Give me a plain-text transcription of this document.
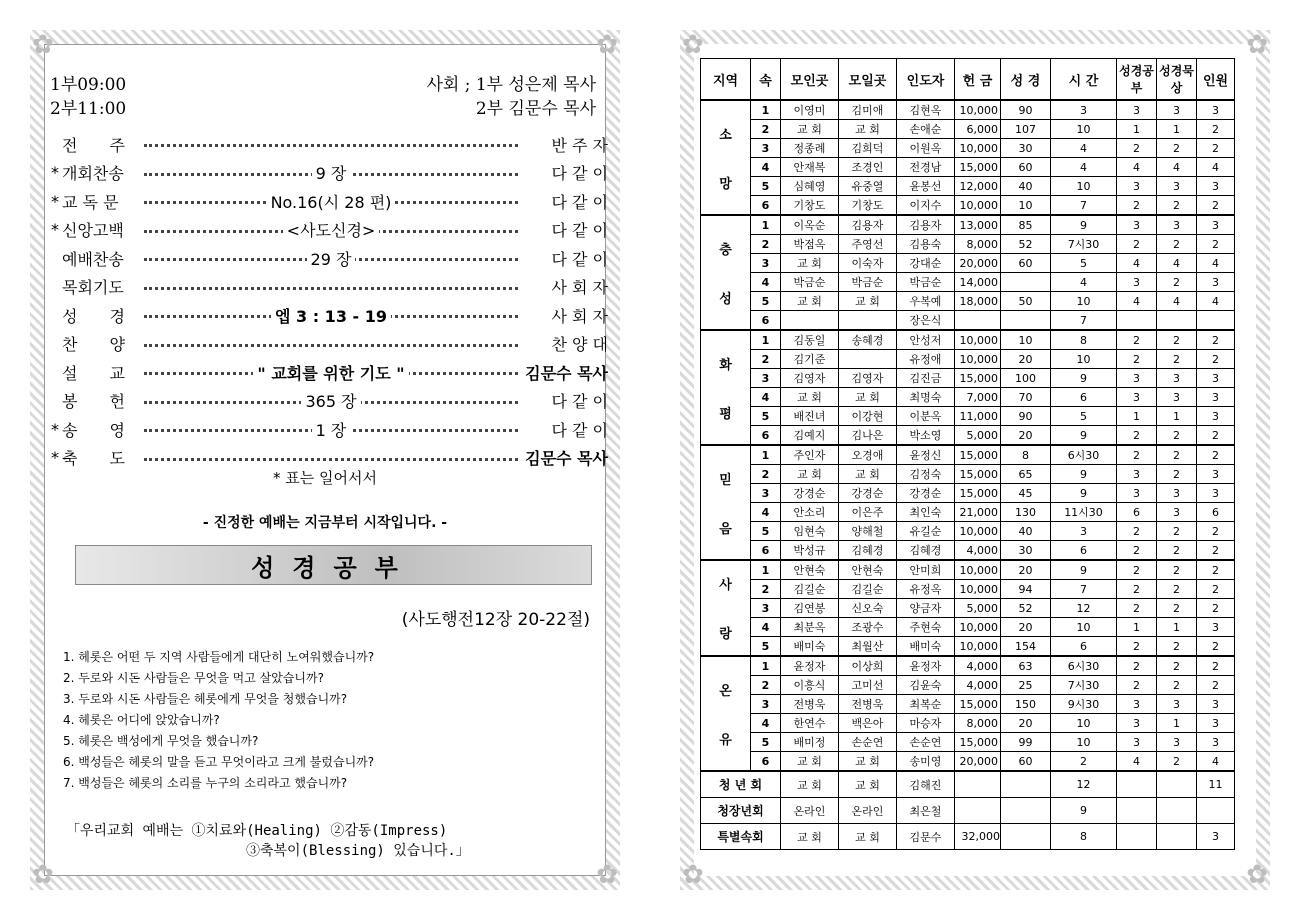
✿	✿
✿	✿
1부09:00
2부11:00
사회 ; 1부 성은제 목사
2부 김문수 목사
전　　주	반 주 자
* 개회찬송	9 장	다 같 이
* 교 독 문	No.16(시 28 편)	다 같 이
* 신앙고백	<사도신경>	다 같 이
예배찬송	29 장	다 같 이
목회기도	사 회 자
성　　경	엡 3 : 13 - 19	사 회 자
찬　　양	찬 양 대
설　　교	" 교회를 위한 기도 "	김문수 목사
봉　　헌	365 장	다 같 이
* 송　　영	1 장	다 같 이
* 축　　도	김문수 목사
* 표는 일어서서
- 진정한 예배는 지금부터 시작입니다. -
성경공부
(사도행전12장 20-22절)
1. 헤롯은 어떤 두 지역 사람들에게 대단히 노여워했습니까?
2. 두로와 시돈 사람들은 무엇을 먹고 살았습니까?
3. 두로와 시돈 사람들은 헤롯에게 무엇을 청했습니까?
4. 헤롯은 어디에 앉았습니까?
5. 헤롯은 백성에게 무엇을 했습니까?
6. 백성들은 헤롯의 말을 듣고 무엇이라고 크게 불렀습니까?
7. 백성들은 헤롯의 소리를 누구의 소리라고 했습니까?
「우리교회 예배는 ①치료와(Healing) ②감동(Impress)
③축복이(Blessing) 있습니다.」
✿	✿
✿	✿
지역	속	모인곳	모일곳	인도자	헌 금	성 경	시 간	성경공부	성경묵상	인원
소

망	1	이영미	김미애	김현옥	10,000	90	3	3	3	3
	2	교 회	교 회	손애순	6,000	107	10	1	1	2
	3	정종례	김희덕	이원옥	10,000	30	4	2	2	2
	4	안재복	조경인	전경남	15,000	60	4	4	4	4
	5	심혜영	유중열	윤봉선	12,000	40	10	3	3	3
	6	기창도	기창도	이지수	10,000	10	7	2	2	2
충

성	1	이옥순	김용자	김용자	13,000	85	9	3	3	3
	2	박점옥	주영선	김용숙	8,000	52	7시30	2	2	2
	3	교 회	이숙자	강대순	20,000	60	5	4	4	4
	4	박금순	박금순	박금순	14,000		4	3	2	3
	5	교 회	교 회	우복예	18,000	50	10	4	4	4
	6			장은식			7			
화

평	1	김동일	송혜경	안성저	10,000	10	8	2	2	2
	2	김기준		유정애	10,000	20	10	2	2	2
	3	김영자	김영자	김진금	15,000	100	9	3	3	3
	4	교 회	교 회	최명숙	7,000	70	6	3	3	3
	5	배진녀	이강현	이분옥	11,000	90	5	1	1	3
	6	김예지	김나은	박소영	5,000	20	9	2	2	2
믿

음	1	주인자	오경애	윤정신	15,000	8	6시30	2	2	2
	2	교 회	교 회	김정숙	15,000	65	9	3	2	3
	3	강경순	강경순	강경순	15,000	45	9	3	3	3
	4	안소리	이은주	최인숙	21,000	130	11시30	6	3	6
	5	임현숙	양해철	유길순	10,000	40	3	2	2	2
	6	박성규	김혜경	김혜경	4,000	30	6	2	2	2
사

랑	1	안현숙	안현숙	안미희	10,000	20	9	2	2	2
	2	김길순	김길순	유정옥	10,000	94	7	2	2	2
	3	김연봉	신오숙	양금자	5,000	52	12	2	2	2
	4	최분옥	조광수	주현숙	10,000	20	10	1	1	3
	5	배미숙	최월산	배미숙	10,000	154	6	2	2	2
온

유	1	윤정자	이상희	윤정자	4,000	63	6시30	2	2	2
	2	이흥식	고미선	김윤숙	4,000	25	7시30	2	2	2
	3	전병욱	전병욱	최복순	15,000	150	9시30	3	3	3
	4	한연수	백은아	마승자	8,000	20	10	3	1	3
	5	배미정	손순연	손순연	15,000	99	10	3	3	3
	6	교 회	교 회	송미영	20,000	60	2	4	2	4
청 년 회		교 회	교 회	김해진			12			11
청장년회		온라인	온라인	최은철			9			
특별속회		교 회	교 회	김문수	32,000		8			3
